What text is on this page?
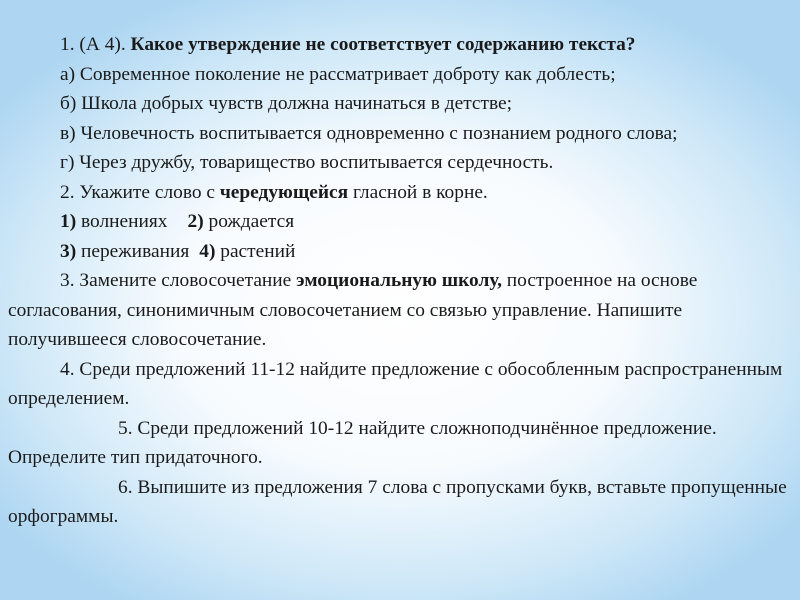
1. (А 4). Какое утверждение не соответствует содержанию текста?

а) Современное поколение не рассматривает доброту как доблесть;

б) Школа добрых чувств должна начинаться в детстве;

в) Человечность воспитывается одновременно с познанием родного слова;

г) Через дружбу, товарищество воспитывается сердечность.

2. Укажите слово с чередующейся гласной в корне.

1) волнениях 2) рождается

3) переживания 4) растений

3. Замените словосочетание эмоциональную школу, построенное на основе согласования, синонимичным словосочетанием со связью управление. Напишите получившееся словосочетание.

4. Среди предложений 11-12 найдите предложение с обособленным распространенным определением.

5. Среди предложений 10-12 найдите сложноподчинённое предложение. Определите тип придаточного.

6. Выпишите из предложения 7 слова с пропусками букв, вставьте пропущенные орфограммы.
